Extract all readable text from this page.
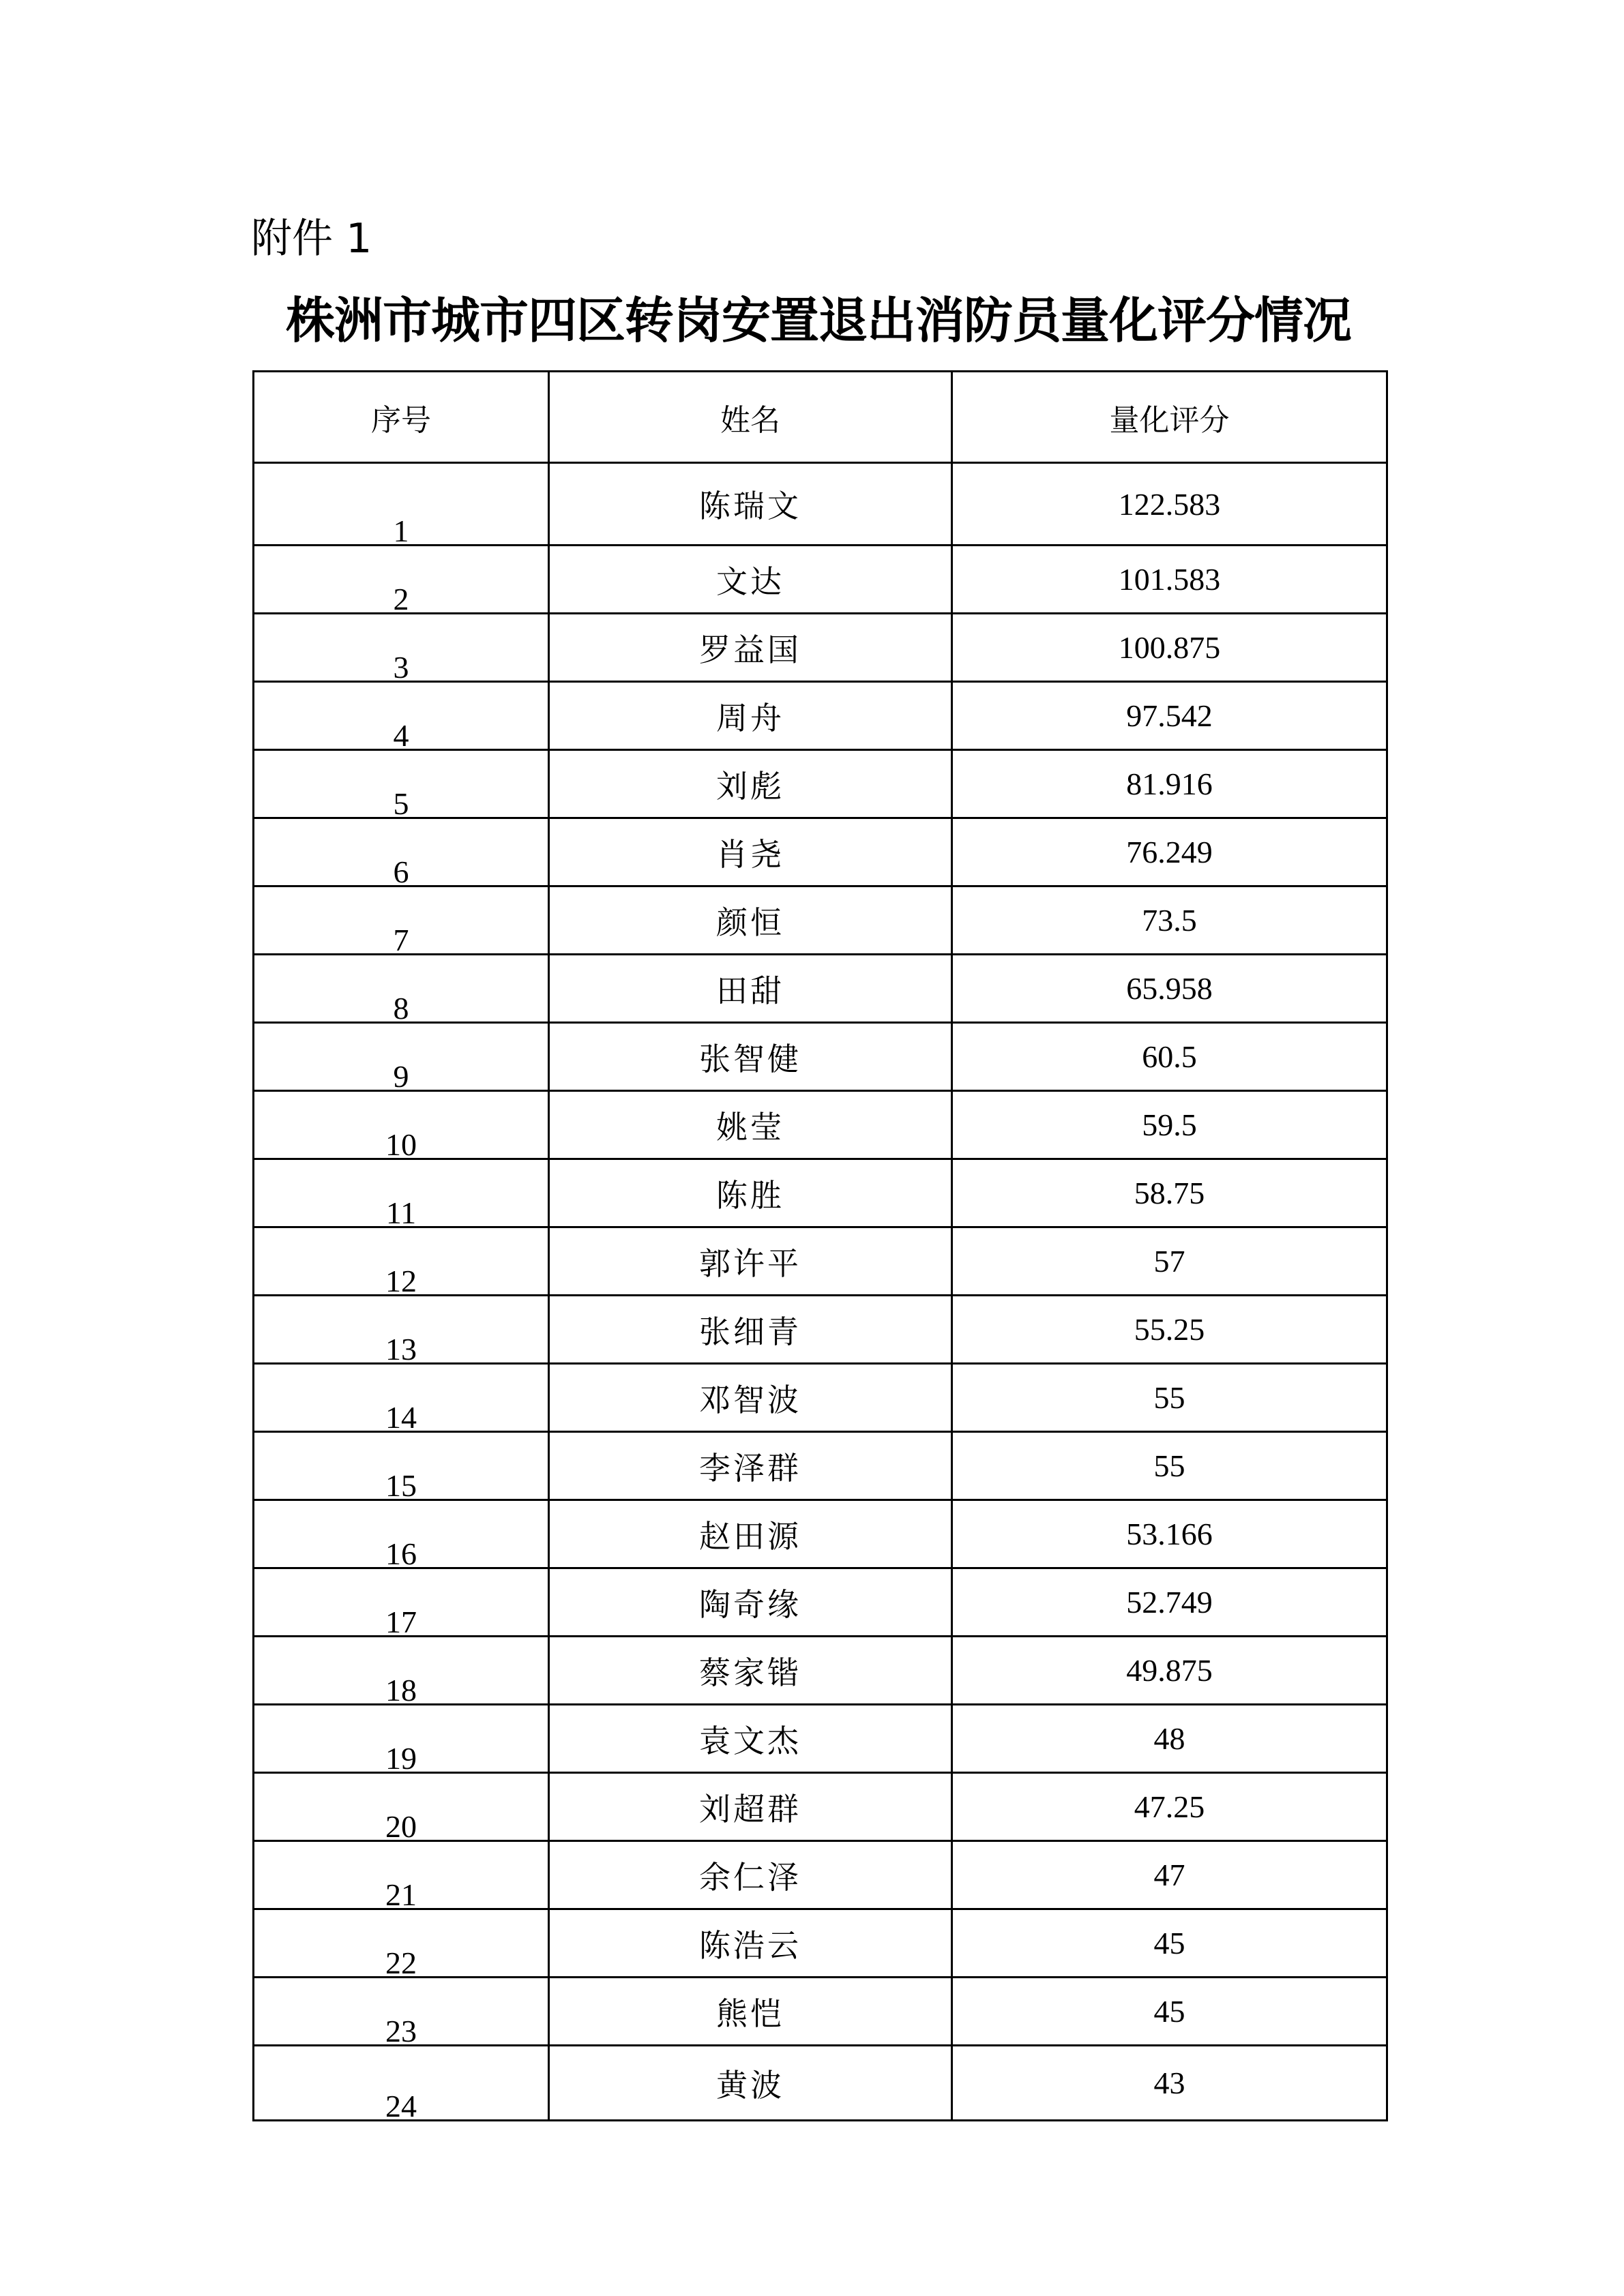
附件 1
株洲市城市四区转岗安置退出消防员量化评分情况
序号	姓名	量化评分
1	陈瑞文	122.583
2	文达	101.583
3	罗益国	100.875
4	周舟	97.542
5	刘彪	81.916
6	肖尧	76.249
7	颜恒	73.5
8	田甜	65.958
9	张智健	60.5
10	姚莹	59.5
11	陈胜	58.75
12	郭许平	57
13	张细青	55.25
14	邓智波	55
15	李泽群	55
16	赵田源	53.166
17	陶奇缘	52.749
18	蔡家锴	49.875
19	袁文杰	48
20	刘超群	47.25
21	余仁泽	47
22	陈浩云	45
23	熊恺	45
24	黄波	43
